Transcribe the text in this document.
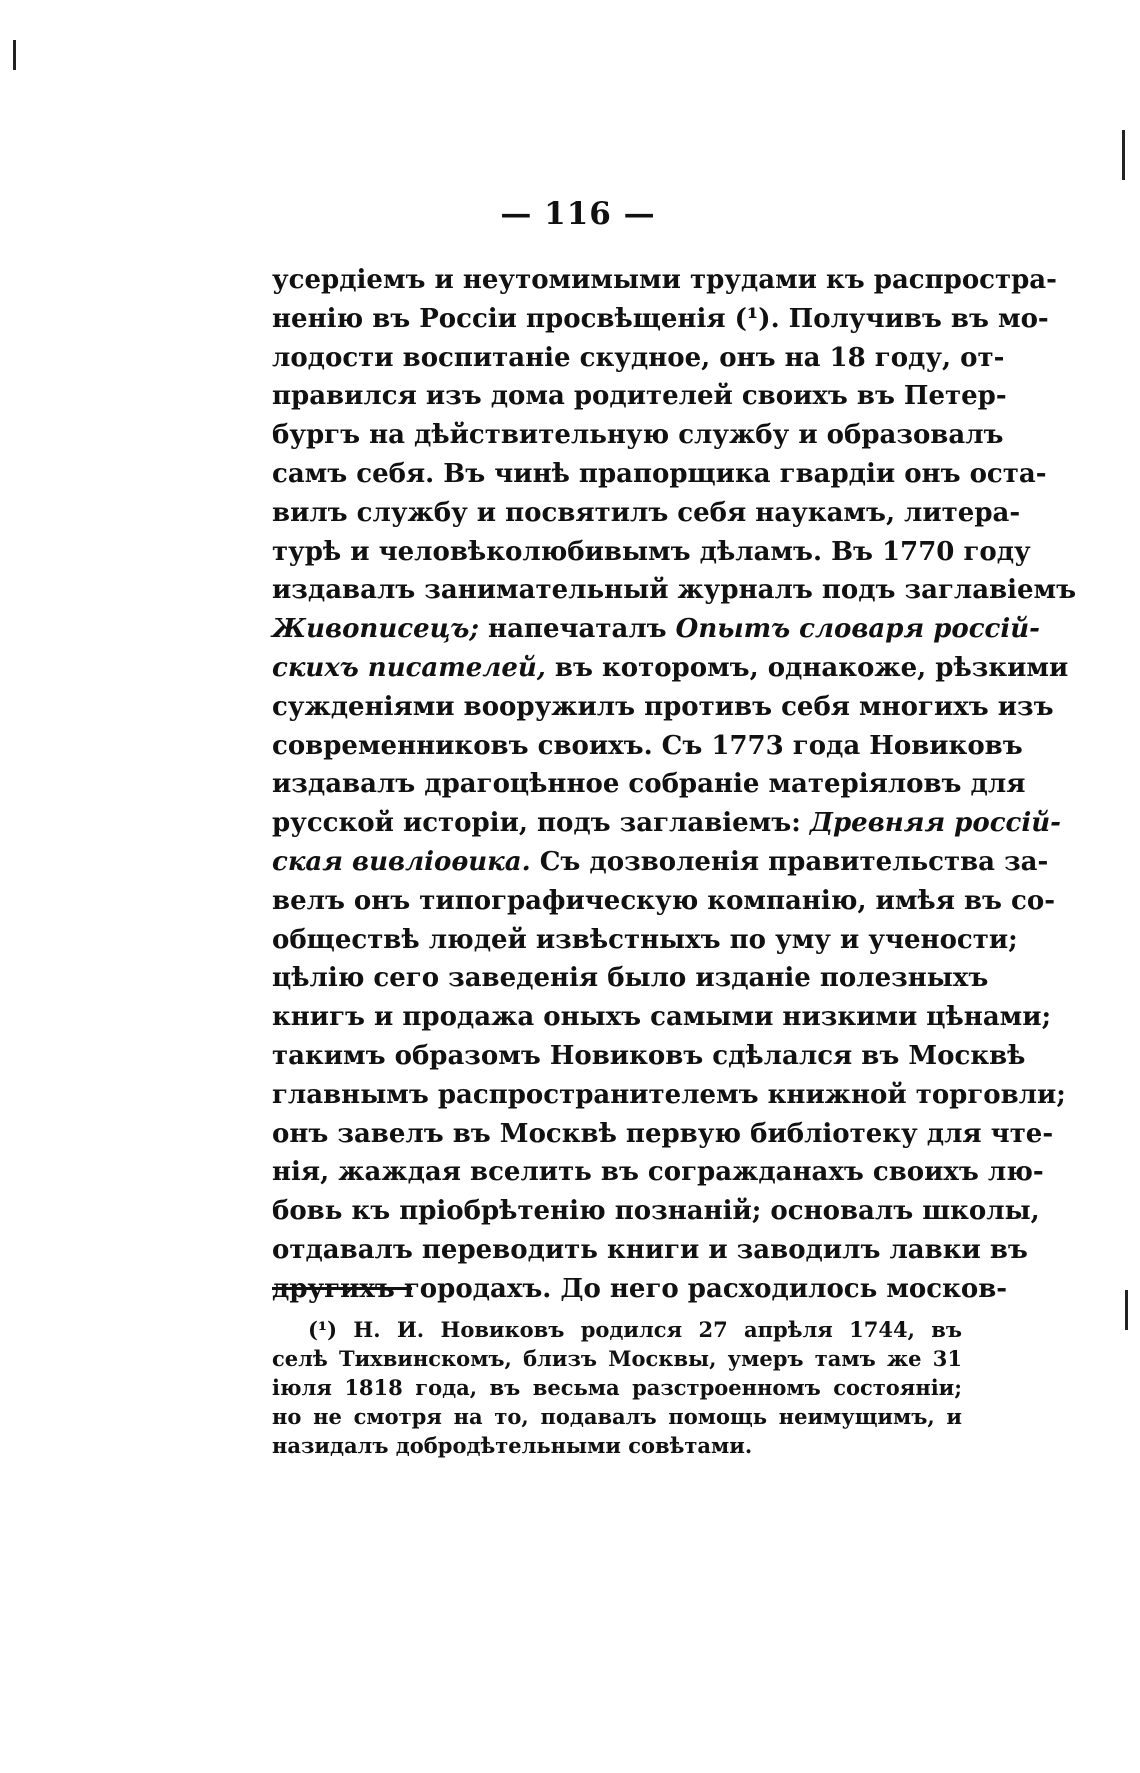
— 116 —
усердіемъ и неутомимыми трудами къ распростра-
ненію въ Россіи просвѣщенія (¹). Получивъ въ мо-
лодости воспитаніе скудное, онъ на 18 году, от-
правился изъ дома родителей своихъ въ Петер-
бургъ на дѣйствительную службу и образовалъ
самъ себя. Въ чинѣ прапорщика гвардіи онъ оста-
вилъ службу и посвятилъ себя наукамъ, литера-
турѣ и человѣколюбивымъ дѣламъ. Въ 1770 году
издавалъ занимательный журналъ подъ заглавіемъ
Живописецъ; напечаталъ Опытъ словаря россій-
скихъ писателей, въ которомъ, однакоже, рѣзкими
сужденіями вооружилъ противъ себя многихъ изъ
современниковъ своихъ. Съ 1773 года Новиковъ
издавалъ драгоцѣнное собраніе матеріяловъ для
русской исторіи, подъ заглавіемъ: Древняя россій-
ская вивліоѳика. Съ дозволенія правительства за-
велъ онъ типографическую компанію, имѣя въ со-
обществѣ людей извѣстныхъ по уму и учености;
цѣлію сего заведенія было изданіе полезныхъ
книгъ и продажа оныхъ самыми низкими цѣнами;
такимъ образомъ Новиковъ сдѣлался въ Москвѣ
главнымъ распространителемъ книжной торговли;
онъ завелъ въ Москвѣ первую библіотеку для чте-
нія, жаждая вселить въ согражданахъ своихъ лю-
бовь къ пріобрѣтенію познаній; основалъ школы,
отдавалъ переводить книги и заводилъ лавки въ
другихъ городахъ. До него расходилось москов-
(¹) Н. И. Новиковъ родился 27 апрѣля 1744, въ
селѣ Тихвинскомъ, близъ Москвы, умеръ тамъ же 31
іюля 1818 года, въ весьма разстроенномъ состояніи;
но не смотря на то, подавалъ помощь неимущимъ, и
назидалъ добродѣтельными совѣтами.
